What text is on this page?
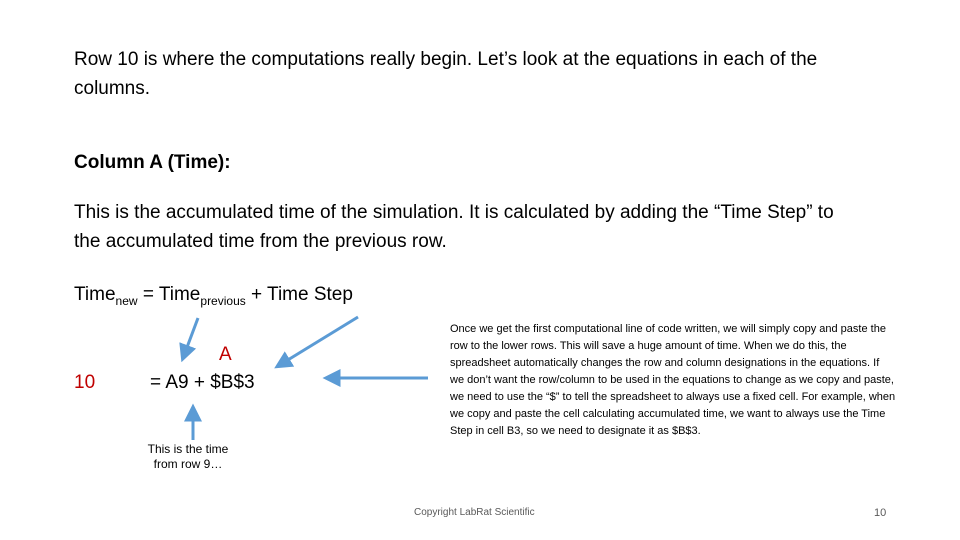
Row 10 is where the computations really begin. Let’s look at the equations in each of the columns.

Column A (Time):

This is the accumulated time of the simulation. It is calculated by adding the “Time Step” to the accumulated time from the previous row.

Time$_{new}$ = Time$_{previous}$ + Time Step
A
10	= A9 + $B$3
This is the time from row 9…
Once we get the first computational line of code written, we will simply copy and paste the row to the lower rows. This will save a huge amount of time. When we do this, the spreadsheet automatically changes the row and column designations in the equations. If we don’t want the row/column to be used in the equations to change as we copy and paste, we need to use the “$” to tell the spreadsheet to always use a fixed cell. For example, when we copy and paste the cell calculating accumulated time, we want to always use the Time Step in cell B3, so we need to designate it as $B$3.
Copyright LabRat Scientific	10
